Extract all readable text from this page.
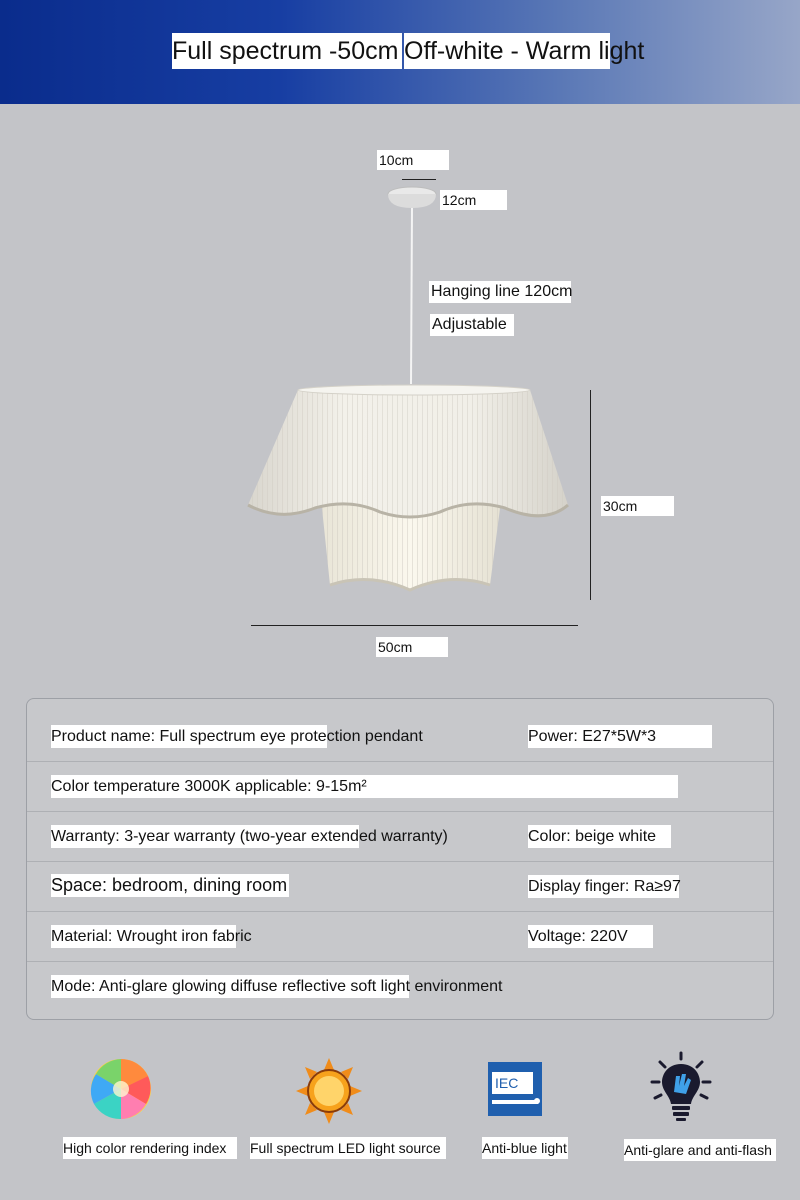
Full spectrum -50cm Off-white - Warm light
10cm
12cm
Hanging line 120cm
Adjustable
30cm
50cm
Product name: Full spectrum eye protection pendant	Power: E27*5W*3
Color temperature 3000K applicable: 9-15m²
Warranty: 3-year warranty (two-year extended warranty)	Color: beige white
Space: bedroom, dining room	Display finger: Ra≥97
Material: Wrought iron fabric	Voltage: 220V
Mode: Anti-glare glowing diffuse reflective soft light environment
High color rendering index	Full spectrum LED light source
IEC
Anti-blue light	Anti-glare and anti-flash
